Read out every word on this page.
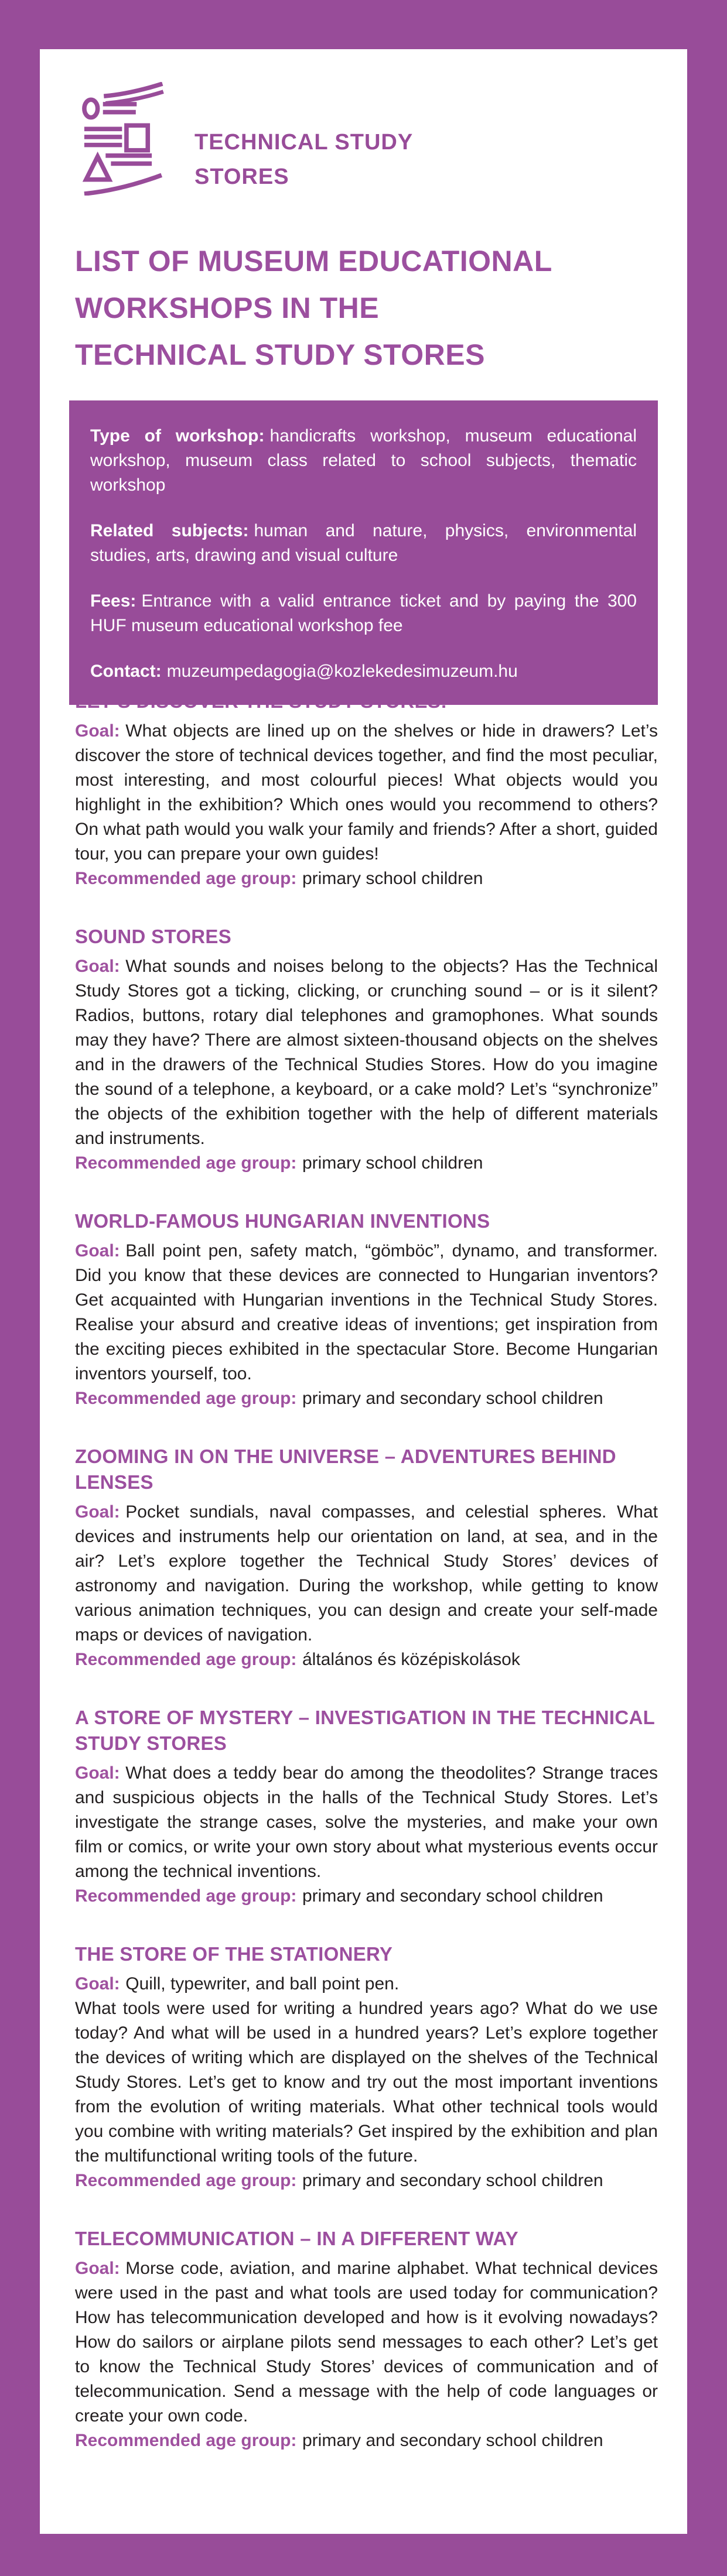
TECHNICAL STUDY
STORES
LIST OF MUSEUM EDUCATIONAL
WORKSHOPS IN THE
TECHNICAL STUDY STORES

Type of workshop: handicrafts workshop, museum educational workshop, museum class related to school subjects, thematic workshop

Related subjects: human and nature, physics, environmental studies, arts, drawing and visual culture

Fees: Entrance with a valid entrance ticket and by paying the 300 HUF museum educational workshop fee

Contact: muzeumpedagogia@kozlekedesimuzeum.hu

Goal: What objects are lined up on the shelves or hide in drawers? Let’s discover the store of technical devices together, and find the most peculiar, most interesting, and most colourful pieces! What objects would you highlight in the exhibition? Which ones would you recommend to others? On what path would you walk your family and friends? After a short, guided tour, you can prepare your own guides!

Recommended age group: primary school children

SOUND STORES

Goal: What sounds and noises belong to the objects? Has the Technical Study Stores got a ticking, clicking, or crunching sound – or is it silent? Radios, buttons, rotary dial telephones and gramophones. What sounds may they have? There are almost sixteen-thousand objects on the shelves and in the drawers of the Technical Studies Stores. How do you imagine the sound of a telephone, a keyboard, or a cake mold? Let’s “synchronize” the objects of the exhibition together with the help of different materials and instruments.

Recommended age group: primary school children

WORLD-FAMOUS HUNGARIAN INVENTIONS

Goal: Ball point pen, safety match, “gömböc”, dynamo, and transformer. Did you know that these devices are connected to Hungarian inventors? Get acquainted with Hungarian inventions in the Technical Study Stores. Realise your absurd and creative ideas of inventions; get inspiration from the exciting pieces exhibited in the spectacular Store. Become Hungarian inventors yourself, too.

Recommended age group: primary and secondary school children

ZOOMING IN ON THE UNIVERSE – ADVENTURES BEHIND LENSES

Goal: Pocket sundials, naval compasses, and celestial spheres. What devices and instruments help our orientation on land, at sea, and in the air? Let’s explore together the Technical Study Stores’ devices of astronomy and navigation. During the workshop, while getting to know various animation techniques, you can design and create your self-made maps or devices of navigation.

Recommended age group: általános és középiskolások

A STORE OF MYSTERY – INVESTIGATION IN THE TECHNICAL STUDY STORES

Goal: What does a teddy bear do among the theodolites? Strange traces and suspicious objects in the halls of the Technical Study Stores. Let’s investigate the strange cases, solve the mysteries, and make your own film or comics, or write your own story about what mysterious events occur among the technical inventions.

Recommended age group: primary and secondary school children

THE STORE OF THE STATIONERY

Goal: Quill, typewriter, and ball point pen.

What tools were used for writing a hundred years ago? What do we use today? And what will be used in a hundred years? Let’s explore together the devices of writing which are displayed on the shelves of the Technical Study Stores. Let’s get to know and try out the most important inventions from the evolution of writing materials. What other technical tools would you combine with writing materials? Get inspired by the exhibition and plan the multifunctional writing tools of the future.

Recommended age group: primary and secondary school children

TELECOMMUNICATION – IN A DIFFERENT WAY

Goal: Morse code, aviation, and marine alphabet. What technical devices were used in the past and what tools are used today for communication? How has telecommunication developed and how is it evolving nowadays? How do sailors or airplane pilots send messages to each other? Let’s get to know the Technical Study Stores’ devices of communication and of telecommunication. Send a message with the help of code languages or create your own code.

Recommended age group: primary and secondary school children
